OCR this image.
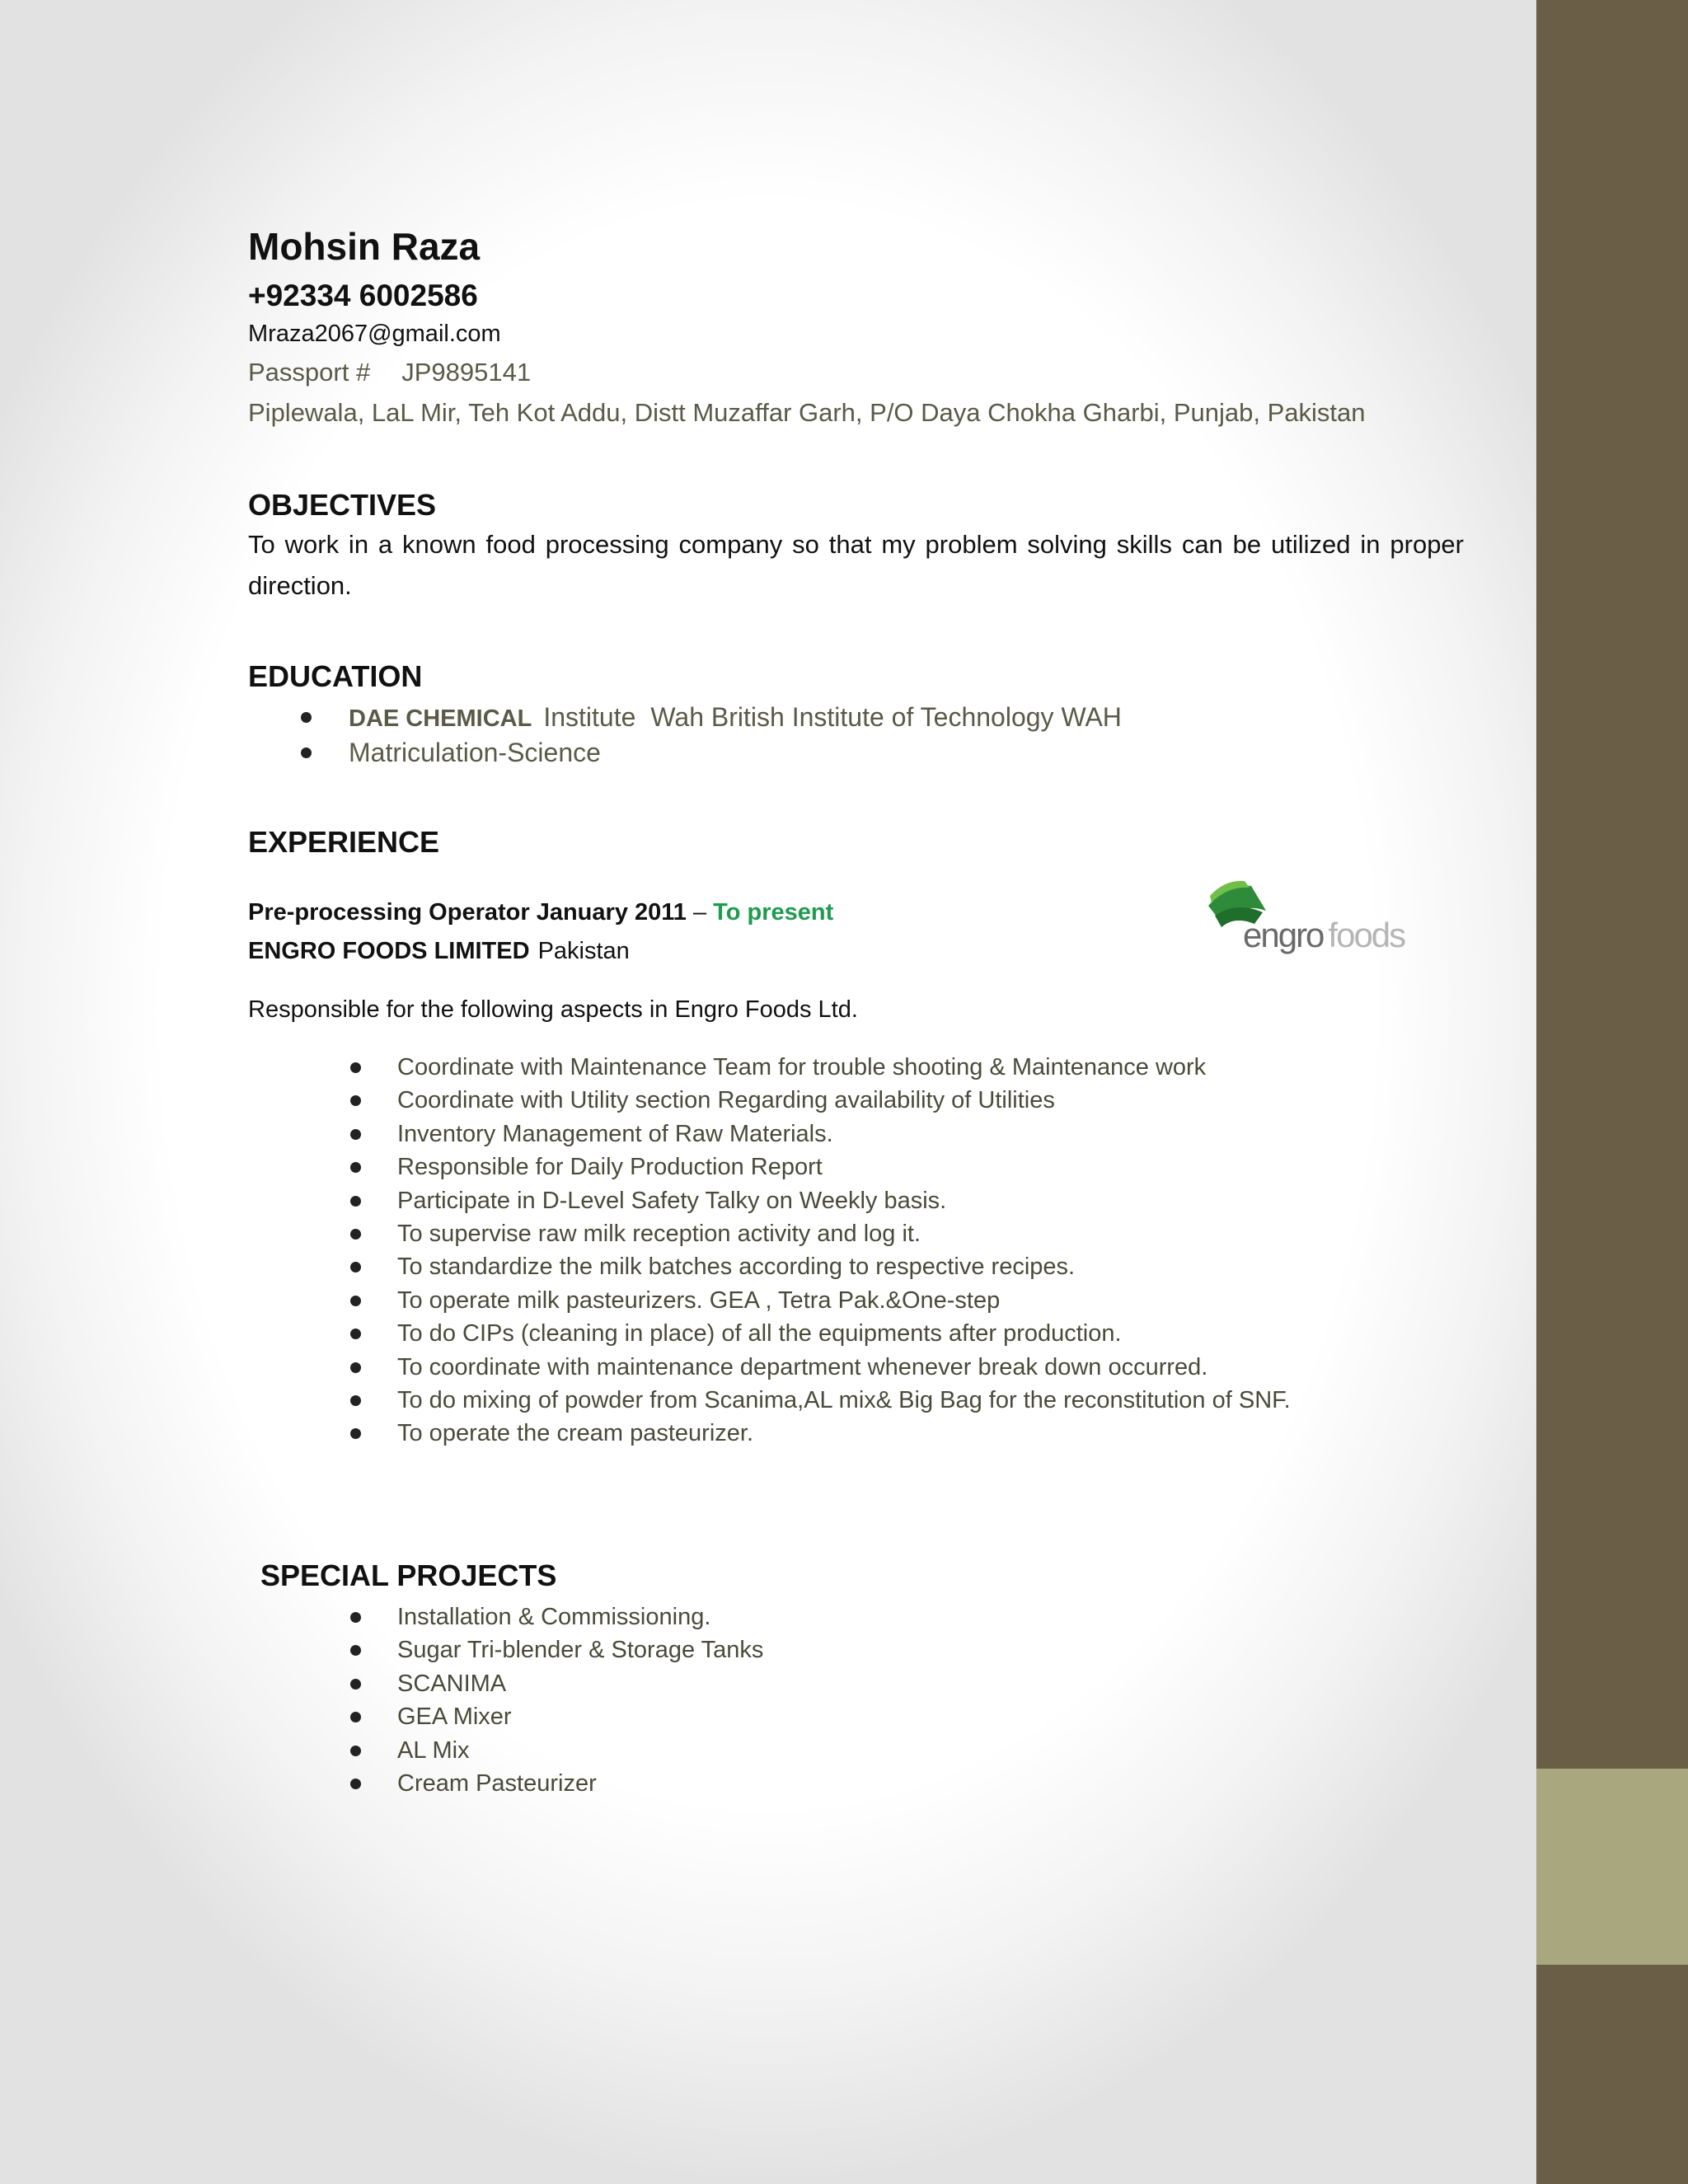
Mohsin Raza

+92334 6002586

Mraza2067@gmail.com

Passport # JP9895141

Piplewala, LaL Mir, Teh Kot Addu, Distt Muzaffar Garh, P/O Daya Chokha Gharbi, Punjab, Pakistan

OBJECTIVES

To work in a known food processing company so that my problem solving skills can be utilized in proper direction.

EDUCATION

DAE CHEMICAL Institute Wah British Institute of Technology WAH
Matriculation-Science

EXPERIENCE

Pre-processing Operator January 2011 – To present

ENGRO FOODS LIMITED Pakistan	engro foods

Responsible for the following aspects in Engro Foods Ltd.

Coordinate with Maintenance Team for trouble shooting & Maintenance work
Coordinate with Utility section Regarding availability of Utilities
Inventory Management of Raw Materials.
Responsible for Daily Production Report
Participate in D-Level Safety Talky on Weekly basis.
To supervise raw milk reception activity and log it.
To standardize the milk batches according to respective recipes.
To operate milk pasteurizers. GEA , Tetra Pak.&One-step
To do CIPs (cleaning in place) of all the equipments after production.
To coordinate with maintenance department whenever break down occurred.
To do mixing of powder from Scanima,AL mix& Big Bag for the reconstitution of SNF.
To operate the cream pasteurizer.

SPECIAL PROJECTS

Installation & Commissioning.
Sugar Tri-blender & Storage Tanks
SCANIMA
GEA Mixer
AL Mix
Cream Pasteurizer
